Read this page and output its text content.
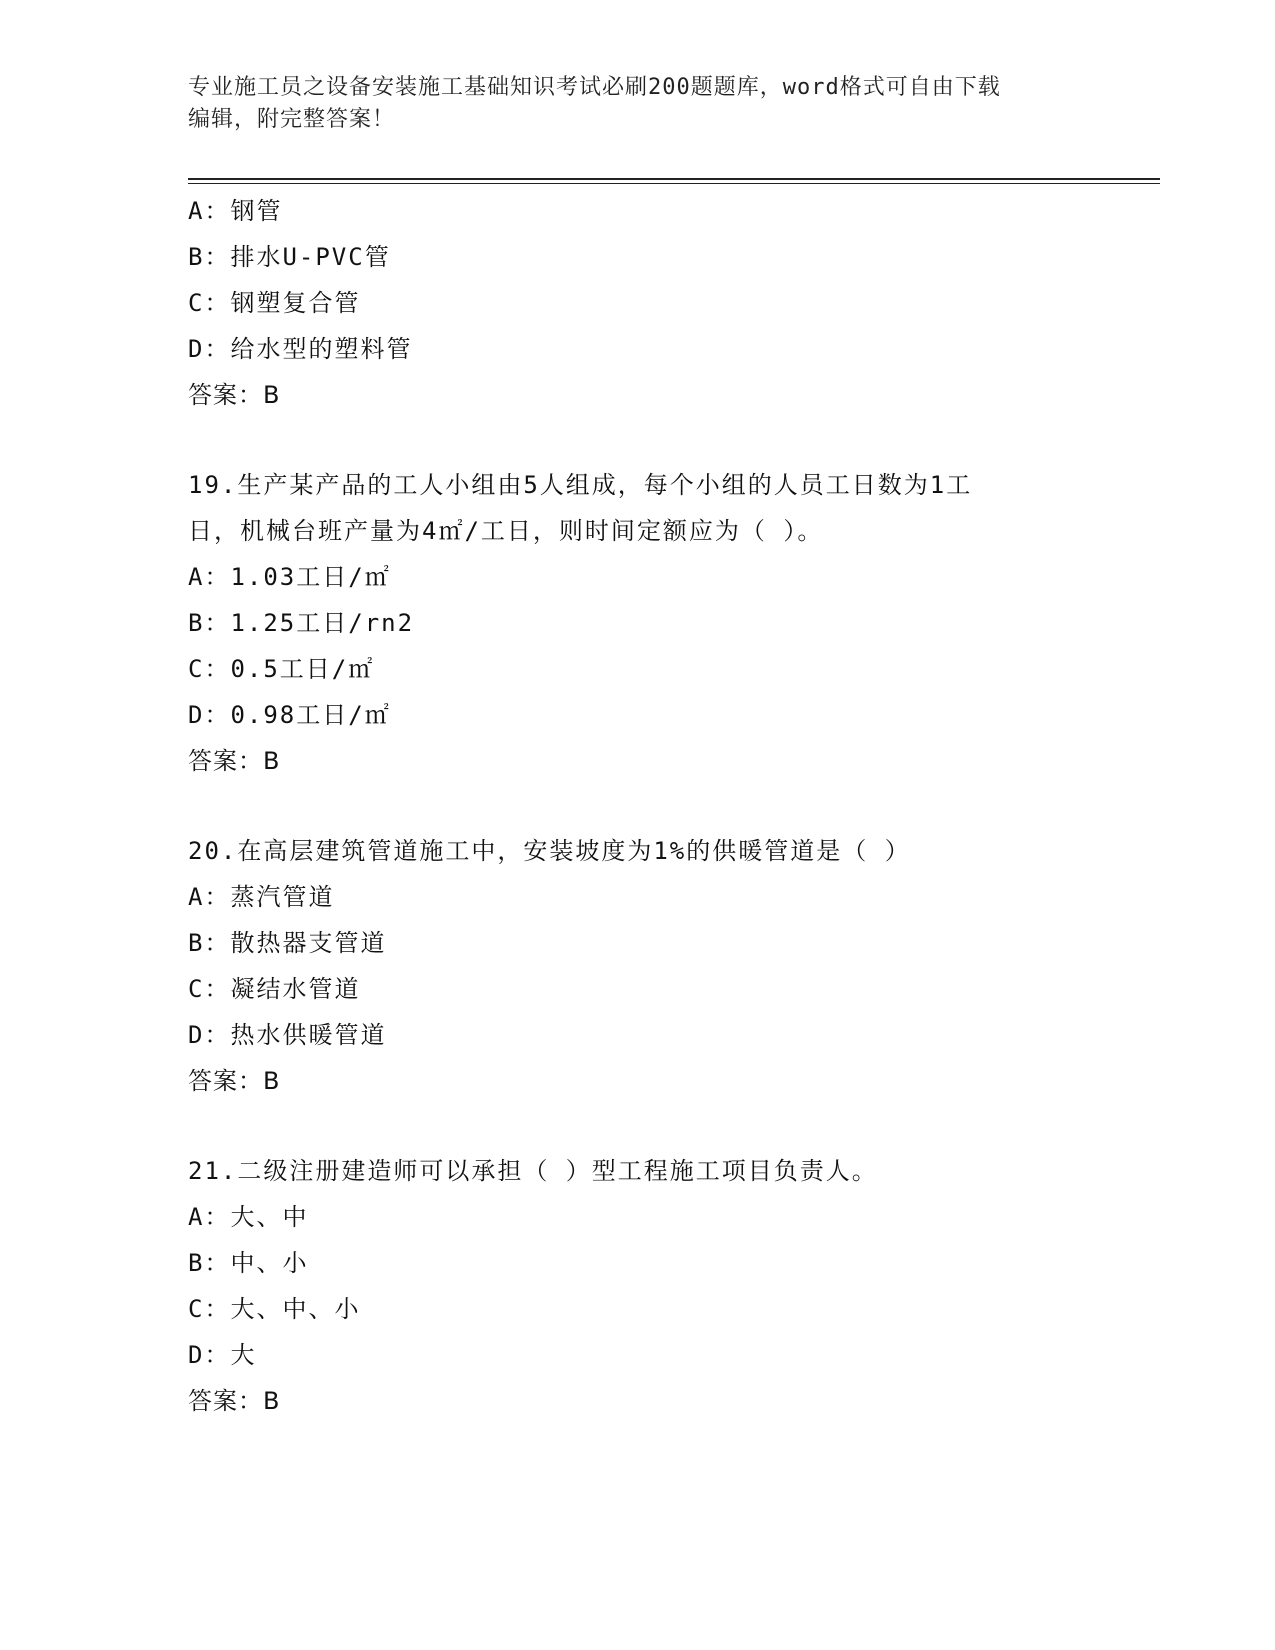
专业施工员之设备安装施工基础知识考试必刷200题题库，word格式可自由下载
编辑，附完整答案！
A：钢管
B：排水U-PVC管
C：钢塑复合管
D：给水型的塑料管
答案：B
19.生产某产品的工人小组由5人组成，每个小组的人员工日数为1工
日，机械台班产量为4㎡/工日，则时间定额应为（ ）。
A：1.03工日/㎡
B：1.25工日/rn2
C：0.5工日/㎡
D：0.98工日/㎡
答案：B
20.在高层建筑管道施工中，安装坡度为1%的供暖管道是（ ）
A：蒸汽管道
B：散热器支管道
C：凝结水管道
D：热水供暖管道
答案：B
21.二级注册建造师可以承担（ ）型工程施工项目负责人。
A：大、中
B：中、小
C：大、中、小
D：大
答案：B
